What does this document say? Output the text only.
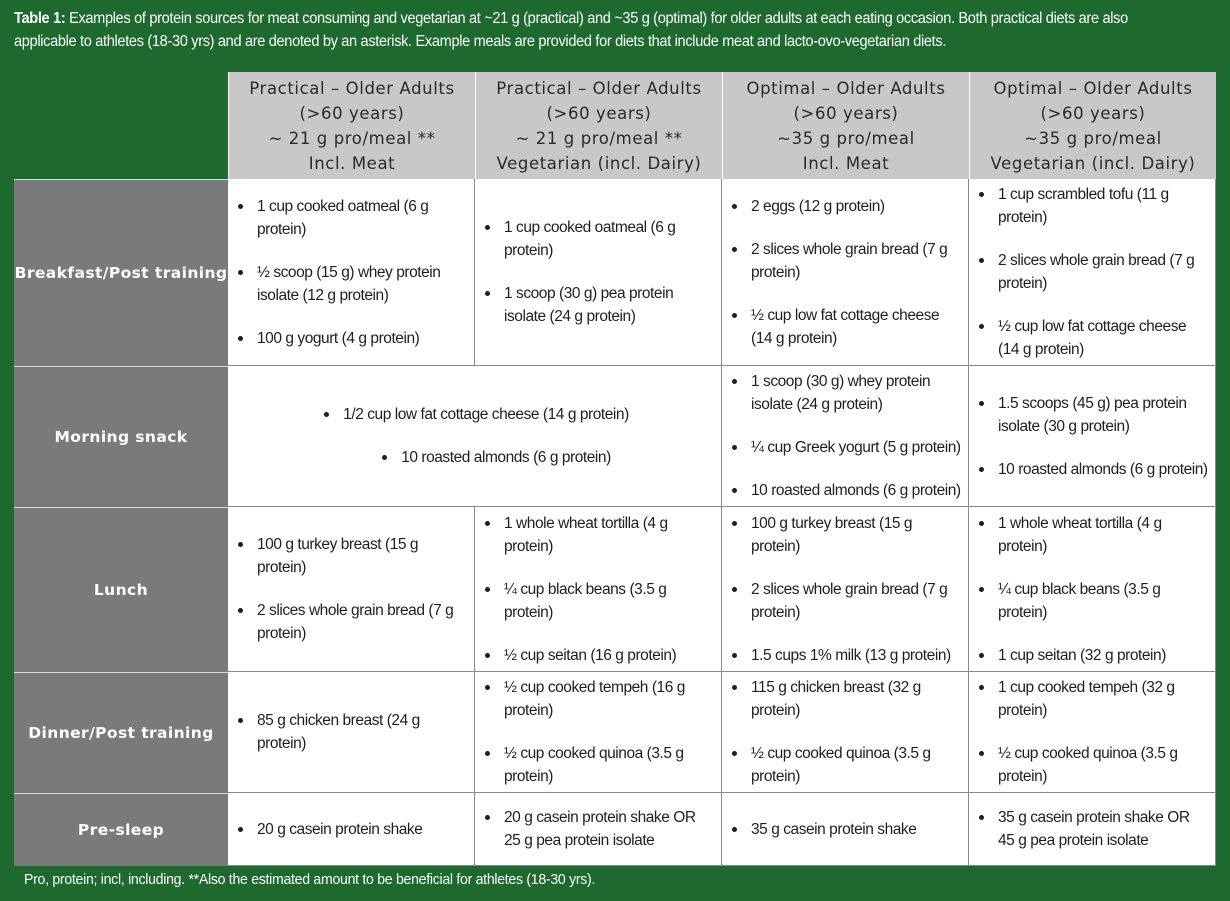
Table 1: Examples of protein sources for meat consuming and vegetarian at ~21 g (practical) and ~35 g (optimal) for older adults at each eating occasion. Both practical diets are also applicable to athletes (18-30 yrs) and are denoted by an asterisk. Example meals are provided for diets that include meat and lacto-ovo-vegetarian diets.
Practical – Older Adults
(>60 years)
~ 21 g pro/meal **
Incl. Meat
Practical – Older Adults
(>60 years)
~ 21 g pro/meal **
Vegetarian (incl. Dairy)
Optimal – Older Adults
(>60 years)
~35 g pro/meal
Incl. Meat
Optimal – Older Adults
(>60 years)
~35 g pro/meal
Vegetarian (incl. Dairy)
Breakfast/Post training
1 cup cooked oatmeal (6 g protein)
½ scoop (15 g) whey protein isolate (12 g protein)
100 g yogurt (4 g protein)
1 cup cooked oatmeal (6 g protein)
1 scoop (30 g) pea protein isolate (24 g protein)
2 eggs (12 g protein)
2 slices whole grain bread (7 g protein)
½ cup low fat cottage cheese (14 g protein)
1 cup scrambled tofu (11 g protein)
2 slices whole grain bread (7 g protein)
½ cup low fat cottage cheese (14 g protein)
Morning snack
1/2 cup low fat cottage cheese (14 g protein)
10 roasted almonds (6 g protein)
1 scoop (30 g) whey protein isolate (24 g protein)
¼ cup Greek yogurt (5 g protein)
10 roasted almonds (6 g protein)
1.5 scoops (45 g) pea protein isolate (30 g protein)
10 roasted almonds (6 g protein)
Lunch
100 g turkey breast (15 g protein)
2 slices whole grain bread (7 g protein)
1 whole wheat tortilla (4 g protein)
¼ cup black beans (3.5 g protein)
½ cup seitan (16 g protein)
100 g turkey breast (15 g protein)
2 slices whole grain bread (7 g protein)
1.5 cups 1% milk (13 g protein)
1 whole wheat tortilla (4 g protein)
¼ cup black beans (3.5 g protein)
1 cup seitan (32 g protein)
Dinner/Post training
85 g chicken breast (24 g protein)
½ cup cooked tempeh (16 g protein)
½ cup cooked quinoa (3.5 g protein)
115 g chicken breast (32 g protein)
½ cup cooked quinoa (3.5 g protein)
1 cup cooked tempeh (32 g protein)
½ cup cooked quinoa (3.5 g protein)
Pre-sleep	20 g casein protein shake
20 g casein protein shake OR 25 g pea protein isolate
35 g casein protein shake
35 g casein protein shake OR 45 g pea protein isolate
Pro, protein; incl, including. **Also the estimated amount to be beneficial for athletes (18-30 yrs).
